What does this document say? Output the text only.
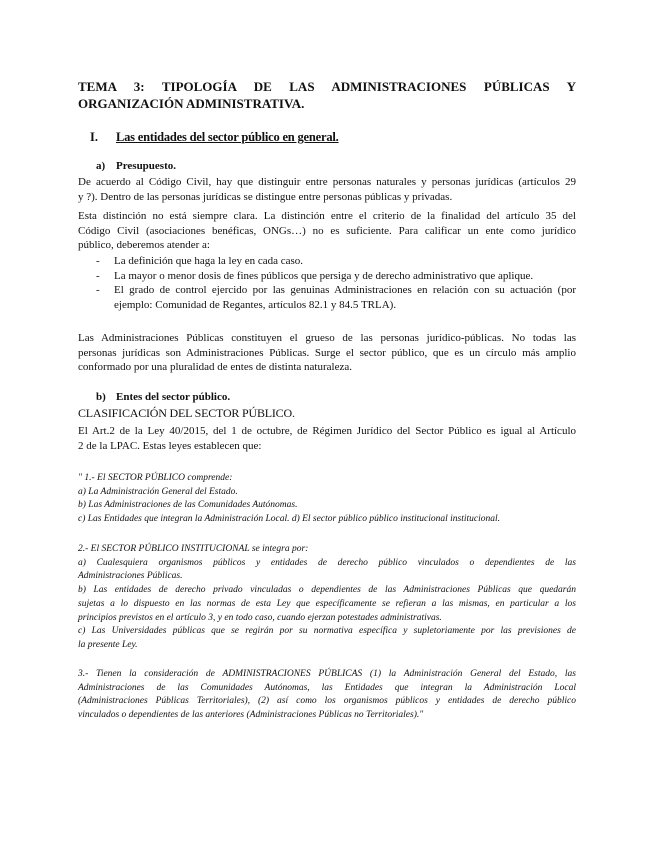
TEMA 3: TIPOLOGÍA DE LAS ADMINISTRACIONES PÚBLICAS Y
ORGANIZACIÓN ADMINISTRATIVA.
I. Las entidades del sector público en general.
a) Presupuesto.
De acuerdo al Código Civil, hay que distinguir entre personas naturales y personas jurídicas (artículos 29
y ?). Dentro de las personas jurídicas se distingue entre personas públicas y privadas.
Esta distinción no está siempre clara. La distinción entre el criterio de la finalidad del artículo 35 del
Código Civil (asociaciones benéficas, ONGs…) no es suficiente. Para calificar un ente como jurídico
público, deberemos atender a:
- La definición que haga la ley en cada caso.
- La mayor o menor dosis de fines públicos que persiga y de derecho administrativo que aplique.
- El grado de control ejercido por las genuinas Administraciones en relación con su actuación (por
ejemplo: Comunidad de Regantes, artículos 82.1 y 84.5 TRLA).
Las Administraciones Públicas constituyen el grueso de las personas jurídico-públicas. No todas las
personas jurídicas son Administraciones Públicas. Surge el sector público, que es un círculo más amplio
conformado por una pluralidad de entes de distinta naturaleza.
b) Entes del sector público.
CLASIFICACIÓN DEL SECTOR PÚBLICO.
El Art.2 de la Ley 40/2015, del 1 de octubre, de Régimen Jurídico del Sector Público es igual al Artículo
2 de la LPAC. Estas leyes establecen que:
" 1.- El SECTOR PÚBLICO comprende:
a) La Administración General del Estado.
b) Las Administraciones de las Comunidades Autónomas.
c) Las Entidades que integran la Administración Local. d) El sector público público institucional institucional.
2.- El SECTOR PÚBLICO INSTITUCIONAL se integra por:
a) Cualesquiera organismos públicos y entidades de derecho público vinculados o dependientes de las
Administraciones Públicas.
b) Las entidades de derecho privado vinculadas o dependientes de las Administraciones Públicas que quedarán
sujetas a lo dispuesto en las normas de esta Ley que específicamente se refieran a las mismas, en particular a los
principios previstos en el artículo 3, y en todo caso, cuando ejerzan potestades administrativas.
c) Las Universidades públicas que se regirán por su normativa específica y supletoriamente por las previsiones de
la presente Ley.
3.- Tienen la consideración de ADMINISTRACIONES PÚBLICAS (1) la Administración General del Estado, las
Administraciones de las Comunidades Autónomas, las Entidades que integran la Administración Local
(Administraciones Públicas Territoriales), (2) así como los organismos públicos y entidades de derecho público
vinculados o dependientes de las anteriores (Administraciones Públicas no Territoriales)."
